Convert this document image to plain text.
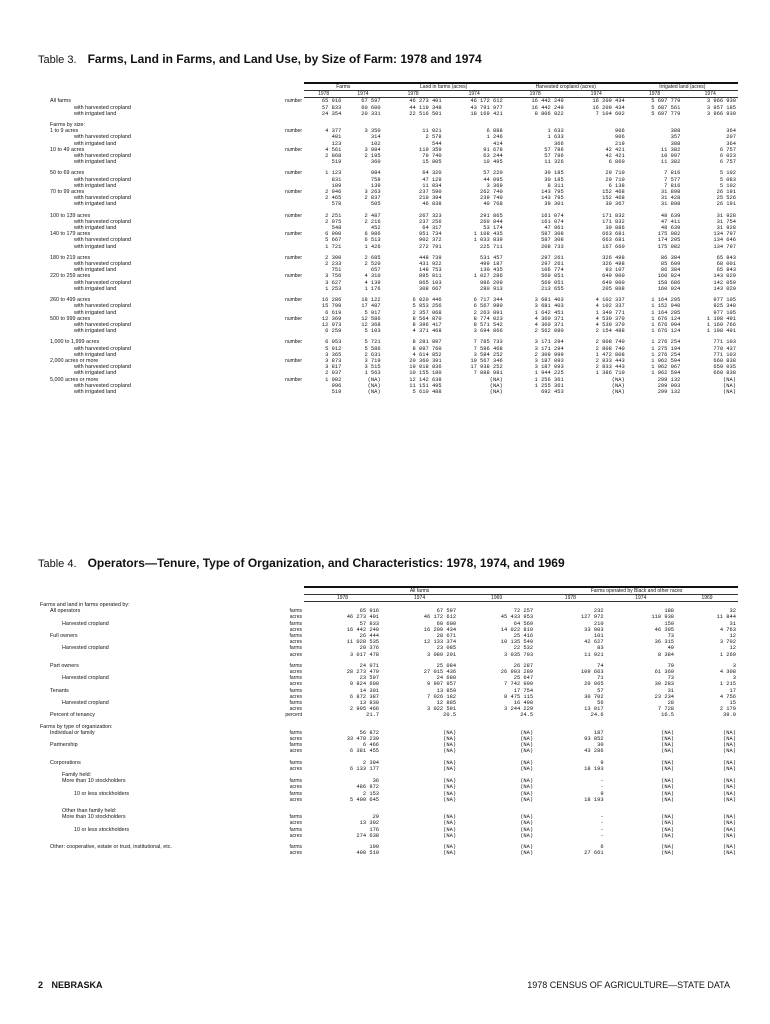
Table 3. Farms, Land in Farms, and Land Use, by Size of Farm: 1978 and 1974
		Farms		Land in farms (acres)		Harvested cropland (acres)		Irrigated land (acres)	
		1978	1974	1978	1974	1978	1974	1978	1974
All farms	number	65 916	67 597	46 273 401	46 172 612	16 442 249	16 209 434	5 697 779	3 966 930
with harvested cropland		57 833	60 600	44 119 348	43 791 977	16 442 249	16 209 434	5 687 561	3 957 185
with irrigated land		24 354	20 331	22 516 501	18 169 421	8 806 822	7 104 602	5 697 779	3 966 930

Farms by size:									
1 to 9 acres	number	4 377	3 350	11 021	6 888	1 633	906	388	364
with harvested cropland		481	314	2 578	1 246	1 633	906	357	207
with irrigated land		123	102	544	414	366	219	388	364
10 to 49 acres	number	4 561	3 984	119 359	91 678	57 786	42 421	11 382	6 757
with harvested cropland		2 868	2 195	79 740	63 244	57 786	42 421	10 997	6 023
with irrigated land		519	360	15 805	10 495	11 326	6 860	11 382	6 757

50 to 69 acres	number	1 123	984	64 320	57 220	30 185	29 710	7 816	5 102
with harvested cropland		831	758	47 129	44 095	30 185	29 710	7 577	5 083
with irrigated land		189	139	11 034	3 369	8 311	6 138	7 816	5 102
70 to 99 acres	number	2 946	3 263	237 590	262 740	143 795	152 468	31 898	26 191
with harvested cropland		2 465	2 837	210 394	239 740	143 795	152 468	31 428	25 526
with irrigated land		578	505	46 838	40 768	39 301	30 367	31 898	26 191

100 to 139 acres	number	2 251	2 487	267 323	291 865	161 074	171 832	48 639	31 928
with harvested cropland		2 075	2 216	237 256	260 844	161 074	171 832	47 411	31 754
with irrigated land		548	452	64 317	53 174	47 961	39 886	48 639	31 928
140 to 179 acres	number	6 000	6 986	951 734	1 108 435	587 308	663 681	175 082	134 797
with harvested cropland		5 667	6 513	902 372	1 033 839	587 308	663 681	174 295	134 646
with irrigated land		1 721	1 426	272 791	225 711	208 733	167 660	175 082	134 797

180 to 219 acres	number	2 300	2 685	448 739	531 457	297 261	326 498	86 384	65 843
with harvested cropland		2 233	2 520	431 922	499 187	297 261	326 498	85 609	68 001
with irrigated land		751	657	148 753	130 435	106 774	93 107	86 384	65 843
220 to 259 acres	number	3 756	4 310	895 811	1 027 286	569 051	649 900	160 024	143 029
with harvested cropland		3 627	4 139	865 103	986 209	569 051	649 900	158 686	142 059
with irrigated land		1 253	1 176	308 667	280 913	213 655	205 808	160 024	143 029

260 to 499 acres	number	16 286	18 122	6 020 446	6 717 344	3 681 403	4 102 337	1 164 205	977 105
with harvested cropland		15 799	17 487	5 853 256	6 567 980	3 681 403	4 102 337	1 152 940	925 348
with irrigated land		6 619	5 917	2 357 068	2 263 891	1 642 451	1 340 771	1 164 205	977 105
500 to 999 acres	number	12 369	12 586	8 564 870	8 774 023	4 360 371	4 530 370	1 676 124	1 198 491
with harvested cropland		12 073	12 368	8 396 417	8 571 542	4 360 371	4 530 370	1 676 094	1 169 766
with irrigated land		6 259	5 103	4 371 468	3 694 866	2 562 080	2 154 488	1 676 124	1 198 491

1,000 to 1,999 acres	number	6 053	5 721	8 281 897	7 785 733	3 171 294	2 808 740	1 276 254	771 103
with harvested cropland		5 912	5 586	8 097 760	7 596 468	3 171 294	2 808 740	1 275 194	770 437
with irrigated land		3 365	2 631	4 614 852	3 584 252	2 309 999	1 472 808	1 276 254	771 103
2,000 acres or more	number	3 873	3 719	20 360 391	19 567 346	3 187 093	2 833 443	1 062 594	660 838
with harvested cropland		3 817	3 515	19 018 836	17 938 252	3 187 093	2 833 443	1 062 067	659 035
with irrigated land		2 037	1 563	10 155 180	7 888 981	1 944 225	1 386 710	1 062 594	660 838
5,000 acres or more	number	1 082	(NA)	12 142 638	(NA)	1 256 361	(NA)	299 132	(NA)
with harvested cropland		996	(NA)	11 151 495	(NA)	1 255 361	(NA)	299 093	(NA)
with irrigated land		519	(NA)	5 610 488	(NA)	692 453	(NA)	299 132	(NA)
Table 4. Operators—Tenure, Type of Organization, and Characteristics: 1978, 1974, and 1969
		All farms			Farms operated by Black and other races		
		1978	1974	1969	1978	1974	1969
Farms and land in farms operated by:							
All operators	farms	65 916	67 597	72 257	232	188	32
	acres	46 273 401	46 172 612	45 433 953	127 972	110 938	11 844
Harvested cropland	farms	57 833	60 600	64 569	210	150	31
	acres	16 442 249	16 209 434	14 022 810	33 003	46 395	4 763
Full owners	farms	26 444	28 671	25 416	101	73	12
	acres	11 028 535	12 133 374	10 135 549	42 627	36 315	3 702
Harvested cropland	farms	20 376	23 085	22 532	83	49	12
	acres	3 017 478	3 089 291	3 035 793	11 921	8 384	1 269

Part owners	farms	24 071	25 084	26 287	74	79	3
	acres	28 273 479	27 015 436	26 903 289	109 663	61 369	4 308
Harvested cropland	farms	23 597	24 680	25 647	71	73	3
	acres	9 824 600	9 997 957	7 742 999	20 065	30 283	1 215
Tenants	farms	14 301	13 859	17 754	57	31	17
	acres	6 872 387	7 026 182	8 475 115	30 702	23 234	4 756
Harvested cropland	farms	13 830	12 885	16 490	56	28	15
	acres	2 995 466	3 022 591	3 244 229	13 017	7 728	2 179
Percent of tenancy	percent	21.7	20.5	24.5	24.6	16.5	39.0

Farms by type of organization:							
Individual or family	farms	56 872	(NA)	(NA)	187	(NA)	(NA)
	acres	33 478 239	(NA)	(NA)	93 852	(NA)	(NA)
Partnership	farms	6 466	(NA)	(NA)	30	(NA)	(NA)
	acres	6 381 455	(NA)	(NA)	43 286	(NA)	(NA)

Corporations	farms	2 394	(NA)	(NA)	9	(NA)	(NA)
	acres	6 133 177	(NA)	(NA)	18 193	(NA)	(NA)
Family held:							
More than 10 stockholders	farms	36	(NA)	(NA)	-	(NA)	(NA)
	acres	486 972	(NA)	(NA)	-	(NA)	(NA)
10 or less stockholders	farms	2 153	(NA)	(NA)	9	(NA)	(NA)
	acres	5 400 645	(NA)	(NA)	18 193	(NA)	(NA)

Other than family held:							
More than 10 stockholders	farms	29	(NA)	(NA)	-	(NA)	(NA)
	acres	13 302	(NA)	(NA)	-	(NA)	(NA)
10 or less stockholders	farms	176	(NA)	(NA)	-	(NA)	(NA)
	acres	274 638	(NA)	(NA)	-	(NA)	(NA)

Other: cooperative, estate or trust, institutional, etc.	farms	190	(NA)	(NA)	6	(NA)	(NA)
	acres	498 510	(NA)	(NA)	27 661	(NA)	(NA)
2 NEBRASKA	1978 CENSUS OF AGRICULTURE—STATE DATA
